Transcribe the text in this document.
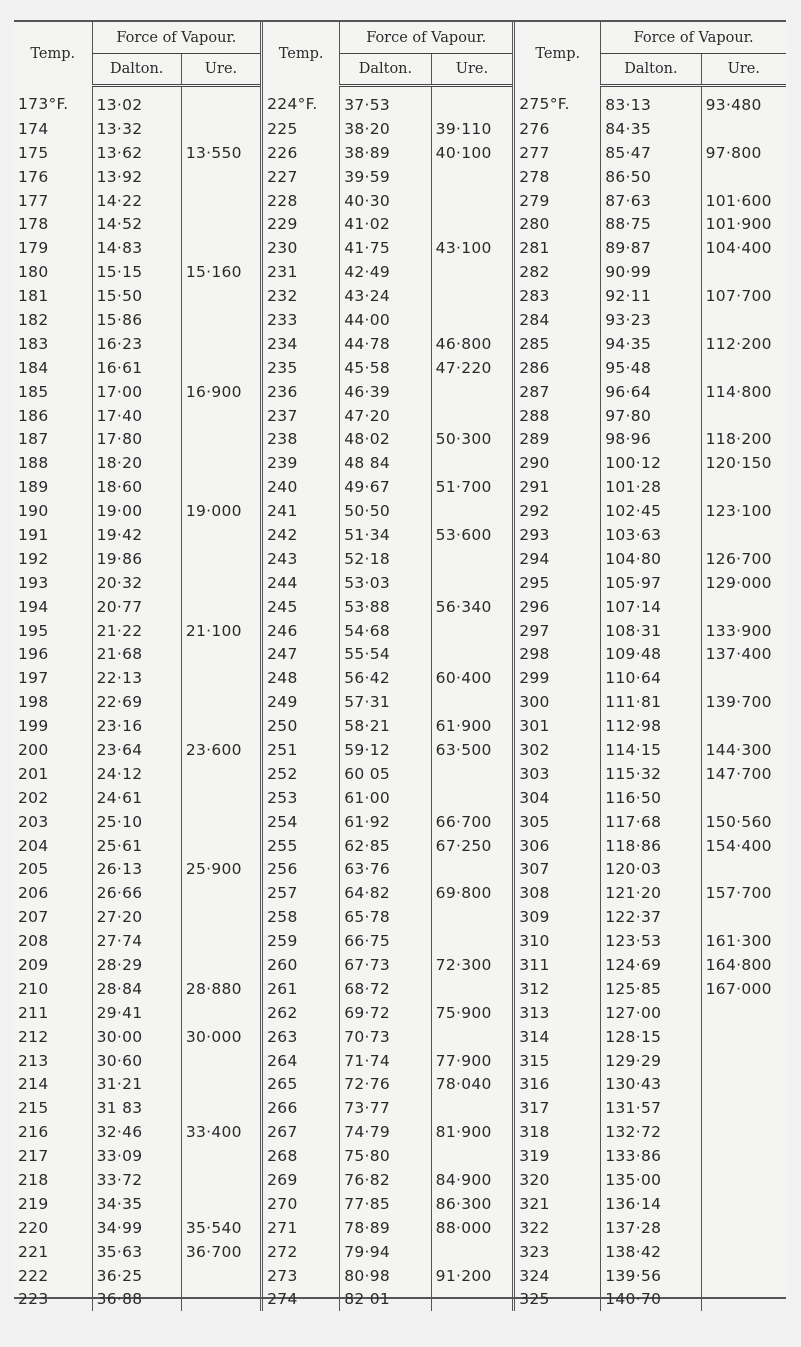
Temp.	Force of Vapour.		Temp.	Force of Vapour.		Temp.	Force of Vapour.	
	Dalton.	Ure.		Dalton.	Ure.		Dalton.	Ure.
173°F.	13·02		224°F.	37·53		275°F.	83·13	93·480
174	13·32		225	38·20	39·110	276	84·35	
175	13·62	13·550	226	38·89	40·100	277	85·47	97·800
176	13·92		227	39·59		278	86·50	
177	14·22		228	40·30		279	87·63	101·600
178	14·52		229	41·02		280	88·75	101·900
179	14·83		230	41·75	43·100	281	89·87	104·400
180	15·15	15·160	231	42·49		282	90·99	
181	15·50		232	43·24		283	92·11	107·700
182	15·86		233	44·00		284	93·23	
183	16·23		234	44·78	46·800	285	94·35	112·200
184	16·61		235	45·58	47·220	286	95·48	
185	17·00	16·900	236	46·39		287	96·64	114·800
186	17·40		237	47·20		288	97·80	
187	17·80		238	48·02	50·300	289	98·96	118·200
188	18·20		239	48 84		290	100·12	120·150
189	18·60		240	49·67	51·700	291	101·28	
190	19·00	19·000	241	50·50		292	102·45	123·100
191	19·42		242	51·34	53·600	293	103·63	
192	19·86		243	52·18		294	104·80	126·700
193	20·32		244	53·03		295	105·97	129·000
194	20·77		245	53·88	56·340	296	107·14	
195	21·22	21·100	246	54·68		297	108·31	133·900
196	21·68		247	55·54		298	109·48	137·400
197	22·13		248	56·42	60·400	299	110·64	
198	22·69		249	57·31		300	111·81	139·700
199	23·16		250	58·21	61·900	301	112·98	
200	23·64	23·600	251	59·12	63·500	302	114·15	144·300
201	24·12		252	60 05		303	115·32	147·700
202	24·61		253	61·00		304	116·50	
203	25·10		254	61·92	66·700	305	117·68	150·560
204	25·61		255	62·85	67·250	306	118·86	154·400
205	26·13	25·900	256	63·76		307	120·03	
206	26·66		257	64·82	69·800	308	121·20	157·700
207	27·20		258	65·78		309	122·37	
208	27·74		259	66·75		310	123·53	161·300
209	28·29		260	67·73	72·300	311	124·69	164·800
210	28·84	28·880	261	68·72		312	125·85	167·000
211	29·41		262	69·72	75·900	313	127·00	
212	30·00	30·000	263	70·73		314	128·15	
213	30·60		264	71·74	77·900	315	129·29	
214	31·21		265	72·76	78·040	316	130·43	
215	31 83		266	73·77		317	131·57	
216	32·46	33·400	267	74·79	81·900	318	132·72	
217	33·09		268	75·80		319	133·86	
218	33·72		269	76·82	84·900	320	135·00	
219	34·35		270	77·85	86·300	321	136·14	
220	34·99	35·540	271	78·89	88·000	322	137·28	
221	35·63	36·700	272	79·94		323	138·42	
222	36·25		273	80·98	91·200	324	139·56	
223	36·88		274	82 01		325	140·70	
